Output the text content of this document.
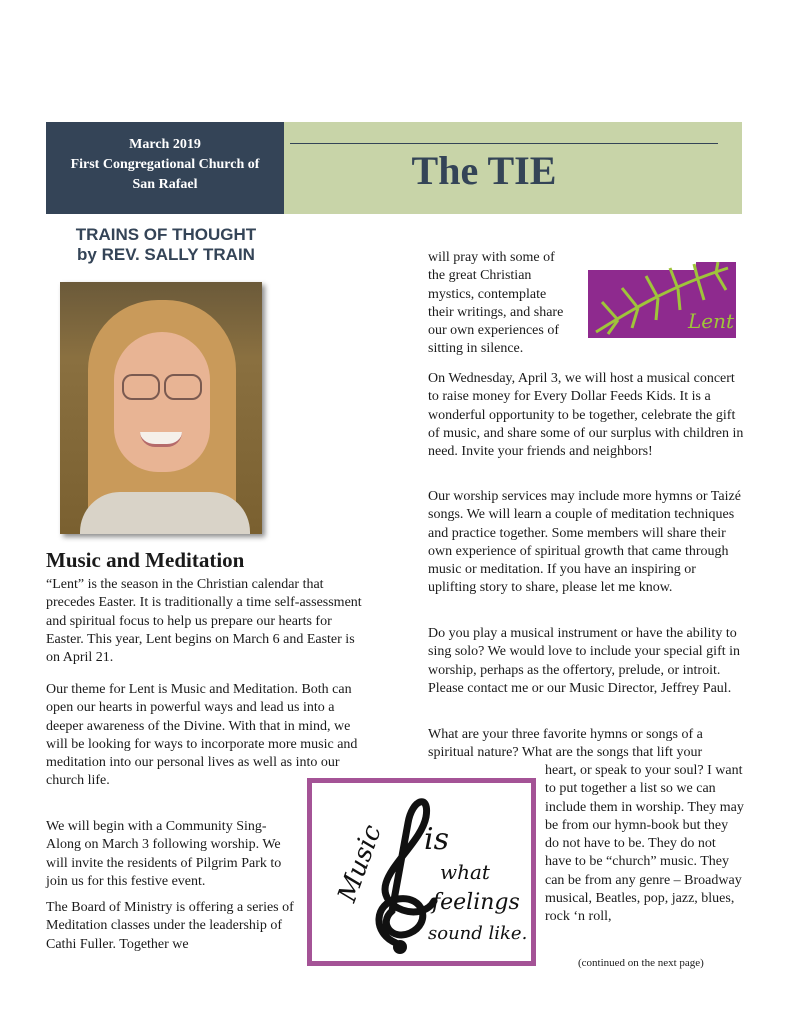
March 2019
First Congregational Church of
San Rafael	The TIE
TRAINS OF THOUGHT
by REV. SALLY TRAIN
Music and Meditation

“Lent” is the season in the Christian calendar that precedes Easter. It is traditionally a time self-assessment and spiritual focus to help us prepare our hearts for Easter. This year, Lent begins on March 6 and Easter is on April 21.

Our theme for Lent is Music and Meditation. Both can open our hearts in powerful ways and lead us into a deeper awareness of the Divine. With that in mind, we will be looking for ways to incorporate more music and meditation into our personal lives as well as into our church life.

We will begin with a Community Sing-Along on March 3 following worship. We will invite the residents of Pilgrim Park to join us for this festive event.

The Board of Ministry is offering a series of Meditation classes under the leadership of Cathi Fuller. Together we

will pray with some of the great Christian mystics, contemplate their writings, and share our own experiences of sitting in silence.

Lent

On Wednesday, April 3, we will host a musical concert to raise money for Every Dollar Feeds Kids. It is a wonderful opportunity to be together, celebrate the gift of music, and share some of our surplus with children in need. Invite your friends and neighbors!

Our worship services may include more hymns or Taizé songs. We will learn a couple of meditation techniques and practice together. Some members will share their own experience of spiritual growth that came through music or meditation. If you have an inspiring or uplifting story to share, please let me know.

Do you play a musical instrument or have the ability to sing solo? We would love to include your special gift in worship, perhaps as the offertory, prelude, or introit. Please contact me or our Music Director, Jeffrey Paul.

What are your three favorite hymns or songs of a spiritual nature? What are the songs that lift your

heart, or speak to your soul? I want to put together a list so we can include them in worship. They may be from our hymn-book but they do not have to be. They do not have to be “church” music. They can be from any genre – Broadway musical, Beatles, pop, jazz, blues, rock ‘n roll,

Music is
what
feelings
sound like.
(continued on the next page)
